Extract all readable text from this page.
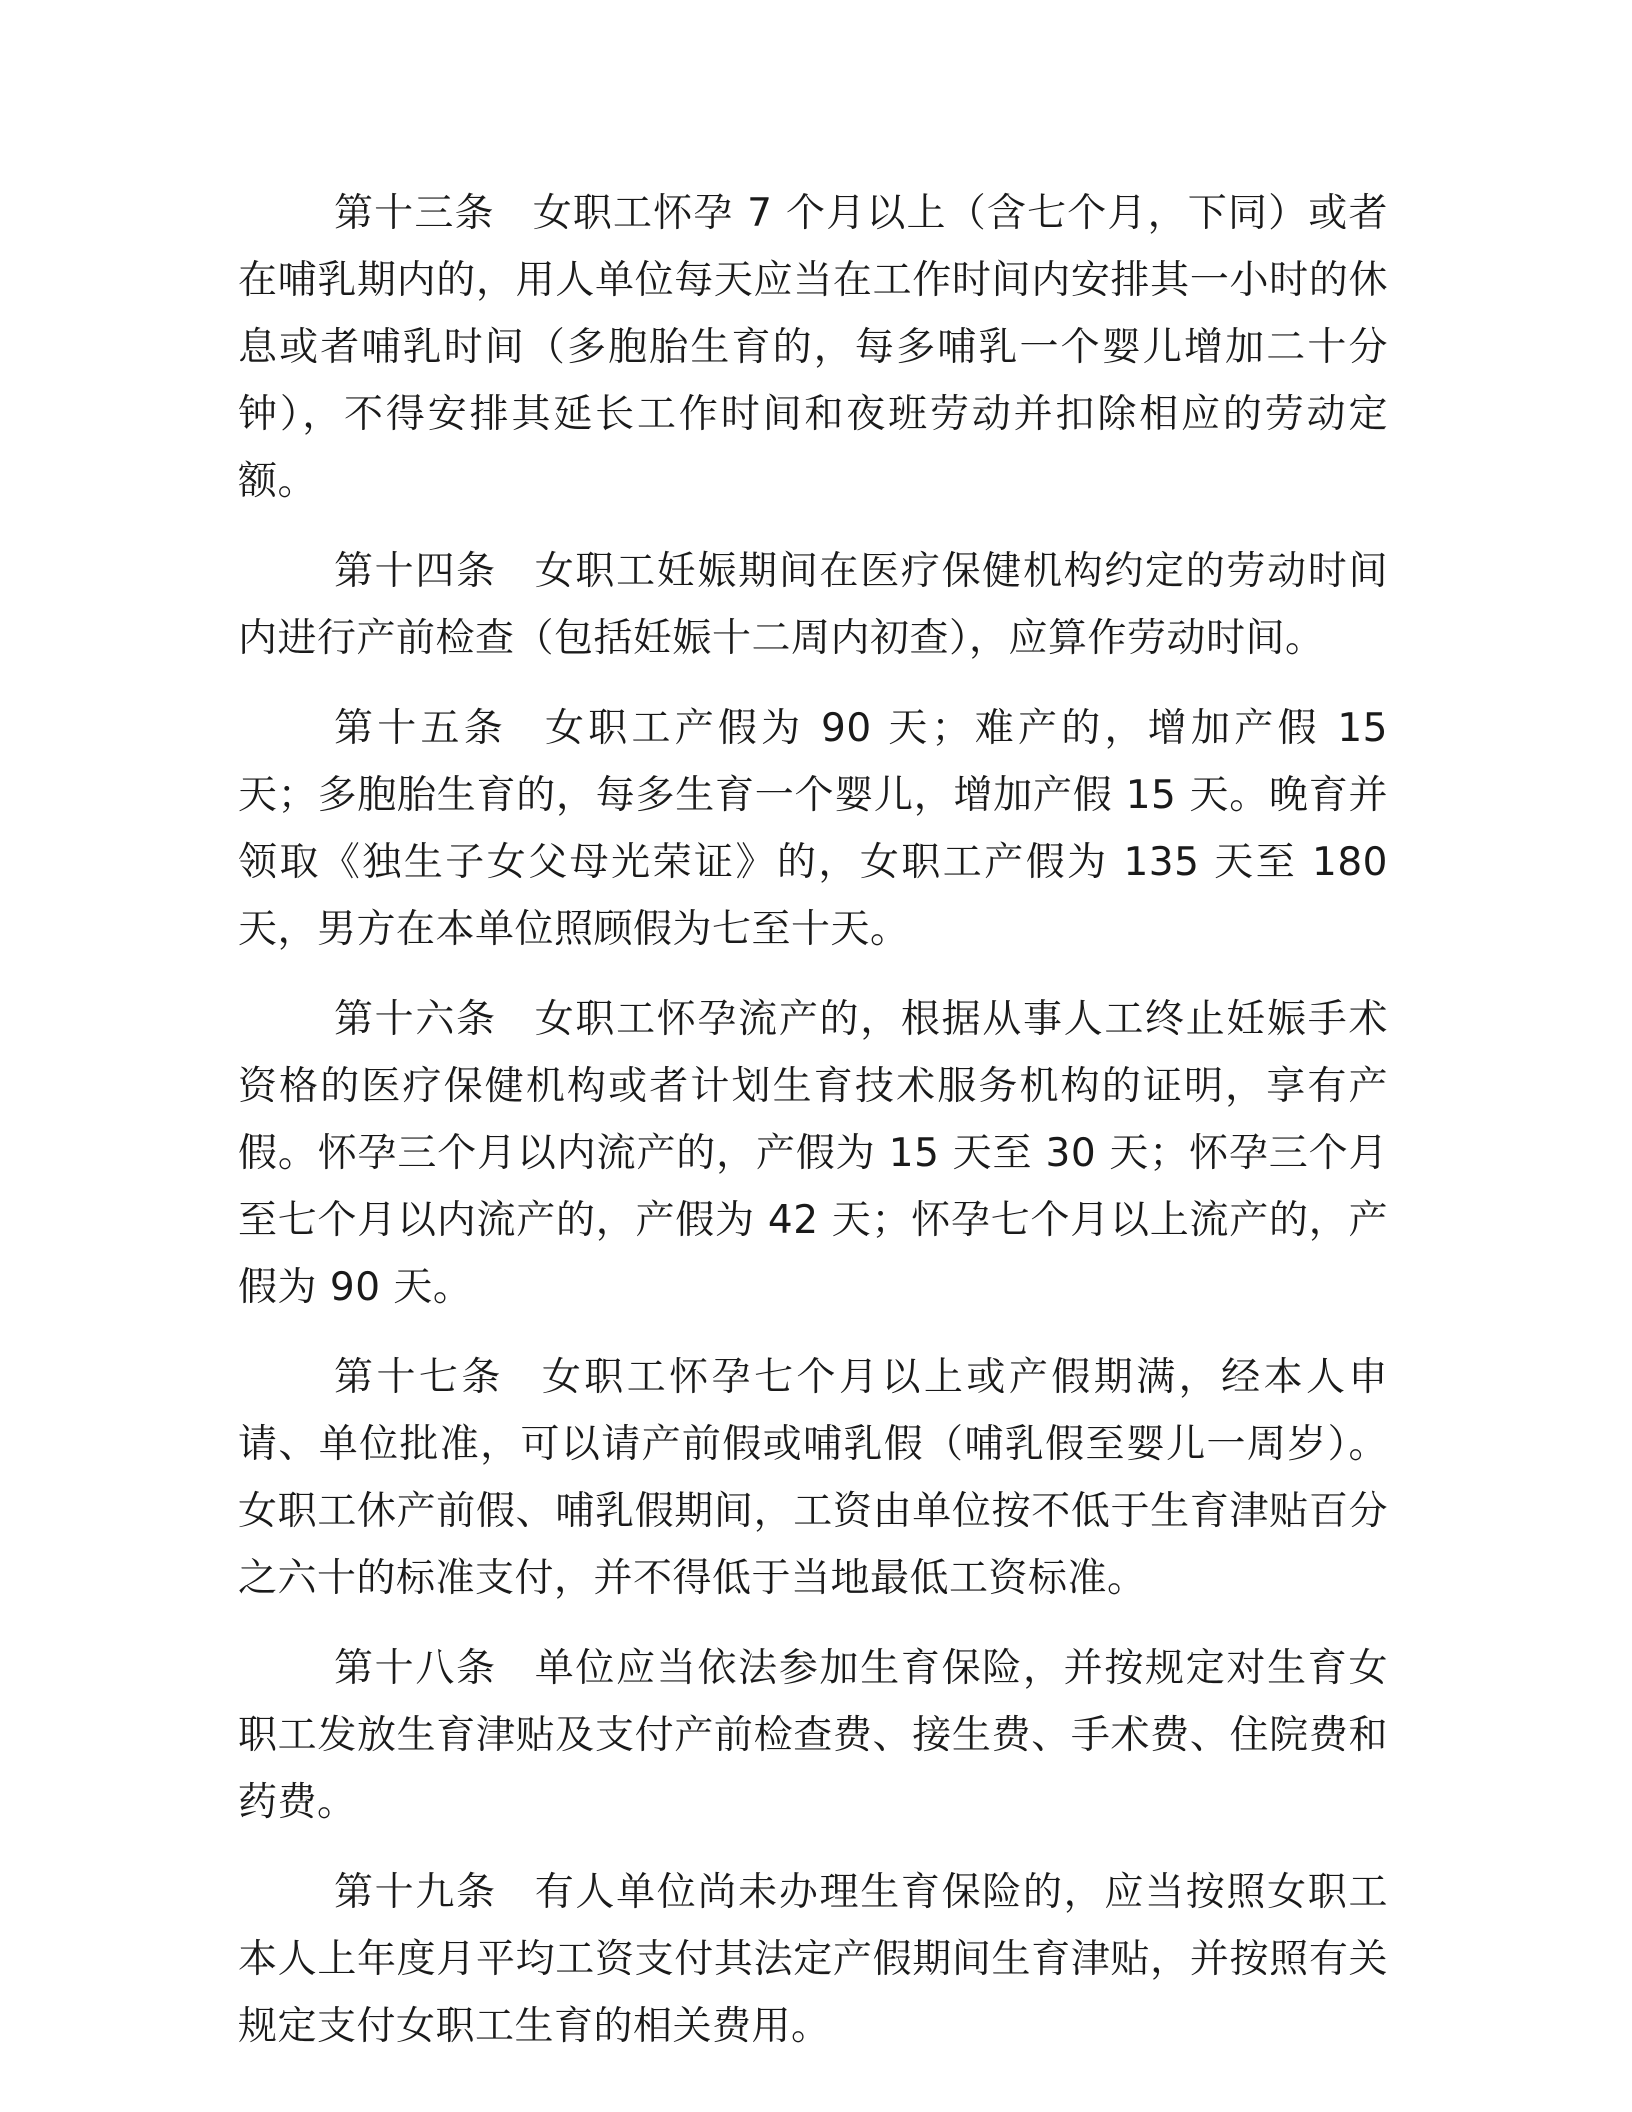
第十三条 女职工怀孕 7 个月以上（含七个月，下同）或者在哺乳期内的，用人单位每天应当在工作时间内安排其一小时的休息或者哺乳时间（多胞胎生育的，每多哺乳一个婴儿增加二十分钟），不得安排其延长工作时间和夜班劳动并扣除相应的劳动定额。

第十四条 女职工妊娠期间在医疗保健机构约定的劳动时间内进行产前检查（包括妊娠十二周内初查），应算作劳动时间。

第十五条 女职工产假为 90 天；难产的，增加产假 15 天；多胞胎生育的，每多生育一个婴儿，增加产假 15 天。晚育并领取《独生子女父母光荣证》的，女职工产假为 135 天至 180 天，男方在本单位照顾假为七至十天。

第十六条 女职工怀孕流产的，根据从事人工终止妊娠手术资格的医疗保健机构或者计划生育技术服务机构的证明，享有产假。怀孕三个月以内流产的，产假为 15 天至 30 天；怀孕三个月至七个月以内流产的，产假为 42 天；怀孕七个月以上流产的，产假为 90 天。

第十七条 女职工怀孕七个月以上或产假期满，经本人申请、单位批准，可以请产前假或哺乳假（哺乳假至婴儿一周岁）。女职工休产前假、哺乳假期间，工资由单位按不低于生育津贴百分之六十的标准支付，并不得低于当地最低工资标准。

第十八条 单位应当依法参加生育保险，并按规定对生育女职工发放生育津贴及支付产前检查费、接生费、手术费、住院费和药费。

第十九条 有人单位尚未办理生育保险的，应当按照女职工本人上年度月平均工资支付其法定产假期间生育津贴，并按照有关规定支付女职工生育的相关费用。
